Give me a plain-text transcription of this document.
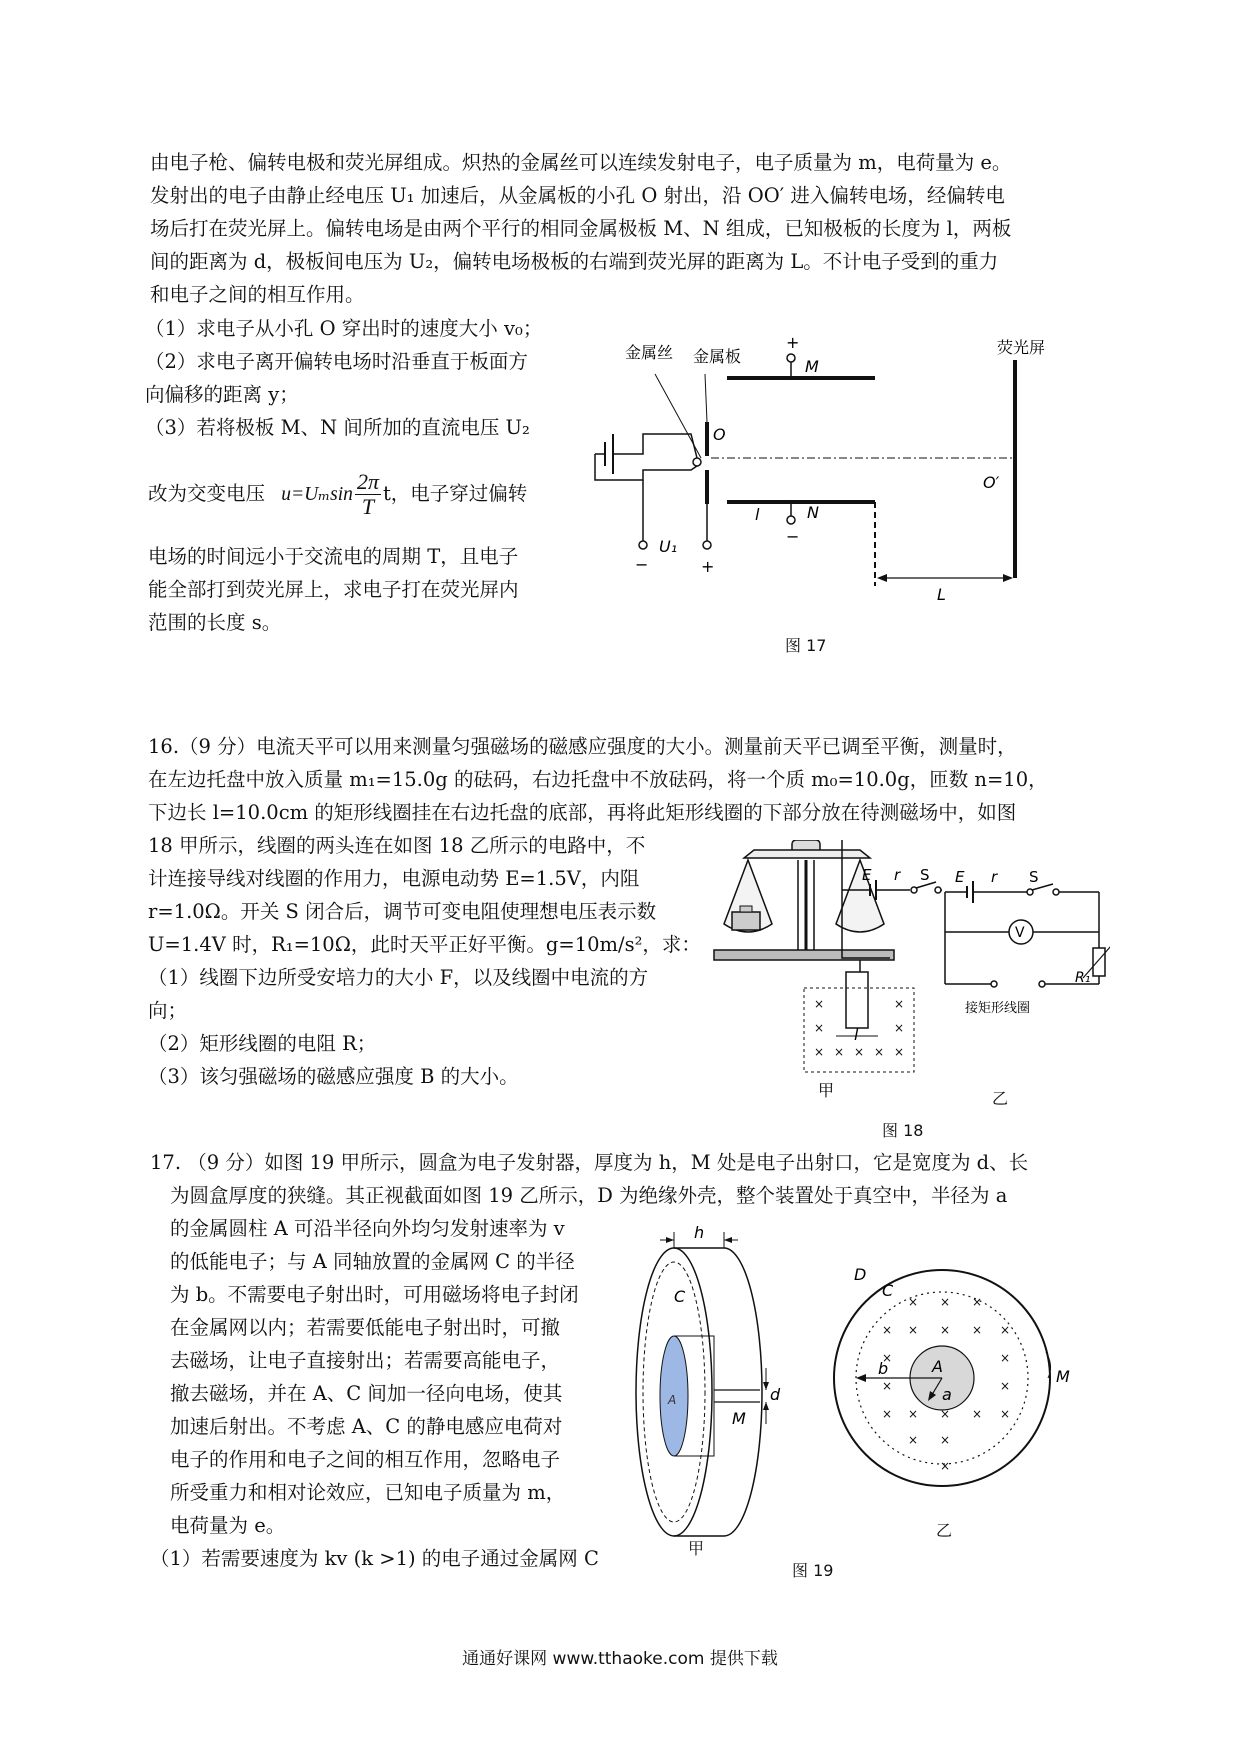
由电子枪、偏转电极和荧光屏组成。炽热的金属丝可以连续发射电子，电子质量为 m，电荷量为 e。

发射出的电子由静止经电压 U₁ 加速后，从金属板的小孔 O 射出，沿 OO′ 进入偏转电场，经偏转电

场后打在荧光屏上。偏转电场是由两个平行的相同金属极板 M、N 组成，已知极板的长度为 l，两板

间的距离为 d，极板间电压为 U₂，偏转电场极板的右端到荧光屏的距离为 L。不计电子受到的重力

和电子之间的相互作用。

（1）求电子从小孔 O 穿出时的速度大小 v₀；

（2）求电子离开偏转电场时沿垂直于板面方

向偏移的距离 y；

（3）若将极板 M、N 间所加的直流电压 U₂

改为交变电压 $u=U_m\sin \frac{2\pi}{T}$ t，电子穿过偏转

电场的时间远小于交流电的周期 T，且电子

能全部打到荧光屏上，求电子打在荧光屏内

范围的长度 s。

荧光屏
−
U₁
+
金属丝 金属板
O
+
M
−
N
l
O′
L
图 17

16.（9 分）电流天平可以用来测量匀强磁场的磁感应强度的大小。测量前天平已调至平衡，测量时，

在左边托盘中放入质量 m₁=15.0g 的砝码，右边托盘中不放砝码，将一个质 m₀=10.0g，匝数 n=10，

下边长 l=10.0cm 的矩形线圈挂在右边托盘的底部，再将此矩形线圈的下部分放在待测磁场中，如图

18 甲所示，线圈的两头连在如图 18 乙所示的电路中，不

计连接导线对线圈的作用力，电源电动势 E=1.5V，内阻

r=1.0Ω。开关 S 闭合后，调节可变电阻使理想电压表示数

U=1.4V 时，R₁=10Ω，此时天平正好平衡。g=10m/s²，求：

（1）线圈下边所受安培力的大小 F，以及线圈中电流的方

向；

（2）矩形线圈的电阻 R；

（3）该匀强磁场的磁感应强度 B 的大小。

×	×
×	×
× × × × ×
l
甲
E r S E r S
V
R₁
接矩形线圈
乙
图 18

17. （9 分）如图 19 甲所示，圆盒为电子发射器，厚度为 h，M 处是电子出射口，它是宽度为 d、长

为圆盒厚度的狭缝。其正视截面如图 19 乙所示，D 为绝缘外壳，整个装置处于真空中，半径为 a

的金属圆柱 A 可沿半径向外均匀发射速率为 v

的低能电子；与 A 同轴放置的金属网 C 的半径

为 b。不需要电子射出时，可用磁场将电子封闭

在金属网以内；若需要低能电子射出时，可撤

去磁场，让电子直接射出；若需要高能电子，

撤去磁场，并在 A、C 间加一径向电场，使其

加速后射出。不考虑 A、C 的静电感应电荷对

电子的作用和电子之间的相互作用，忽略电子

所受重力和相对论效应，已知电子质量为 m，

电荷量为 e。

（1）若需要速度为 kv (k >1) 的电子通过金属网 C

h
A
C
d
M
甲
× × ×
× × × × ×
×	×
×	×
× × × × ×
× ×
×
A
a
b
D
C
M
乙
图 19
通通好课网 www.tthaoke.com 提供下载
